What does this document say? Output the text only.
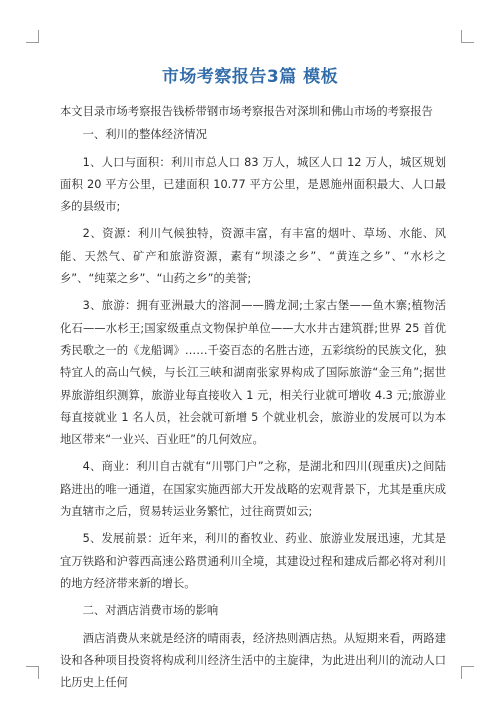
市场考察报告3篇 模板

本文目录市场考察报告钱桥带钢市场考察报告对深圳和佛山市场的考察报告

一、利川的整体经济情况

1、人口与面积：利川市总人口 83 万人，城区人口 12 万人，城区规划面积 20 平方公里，已建面积 10.77 平方公里，是恩施州面积最大、人口最多的县级市;

2、资源：利川气候独特，资源丰富，有丰富的烟叶、草场、水能、风能、天然气、矿产和旅游资源，素有“坝漆之乡”、“黄连之乡”、“水杉之乡”、“纯菜之乡”、“山药之乡”的美誉;

3、旅游：拥有亚洲最大的溶洞——腾龙洞;土家古堡——鱼木寨;植物活化石——水杉王;国家级重点文物保护单位——大水井古建筑群;世界 25 首优秀民歌之一的《龙船调》……千姿百态的名胜古迹，五彩缤纷的民族文化，独特宜人的高山气候，与长江三峡和湖南张家界构成了国际旅游“金三角”;据世界旅游组织测算，旅游业每直接收入 1 元，相关行业就可增收 4.3 元;旅游业每直接就业 1 名人员，社会就可新增 5 个就业机会，旅游业的发展可以为本地区带来“一业兴、百业旺”的几何效应。

4、商业：利川自古就有“川鄂门户”之称，是湖北和四川(现重庆)之间陆路进出的唯一通道，在国家实施西部大开发战略的宏观背景下，尤其是重庆成为直辖市之后，贸易转运业务繁忙，过往商贾如云;

5、发展前景：近年来，利川的畜牧业、药业、旅游业发展迅速，尤其是宜万铁路和沪蓉西高速公路贯通利川全境，其建设过程和建成后都必将对利川的地方经济带来新的增长。

二、对酒店消费市场的影响

酒店消费从来就是经济的晴雨表，经济热则酒店热。从短期来看，两路建设和各种项目投资将构成利川经济生活中的主旋律，为此进出利川的流动人口比历史上任何
